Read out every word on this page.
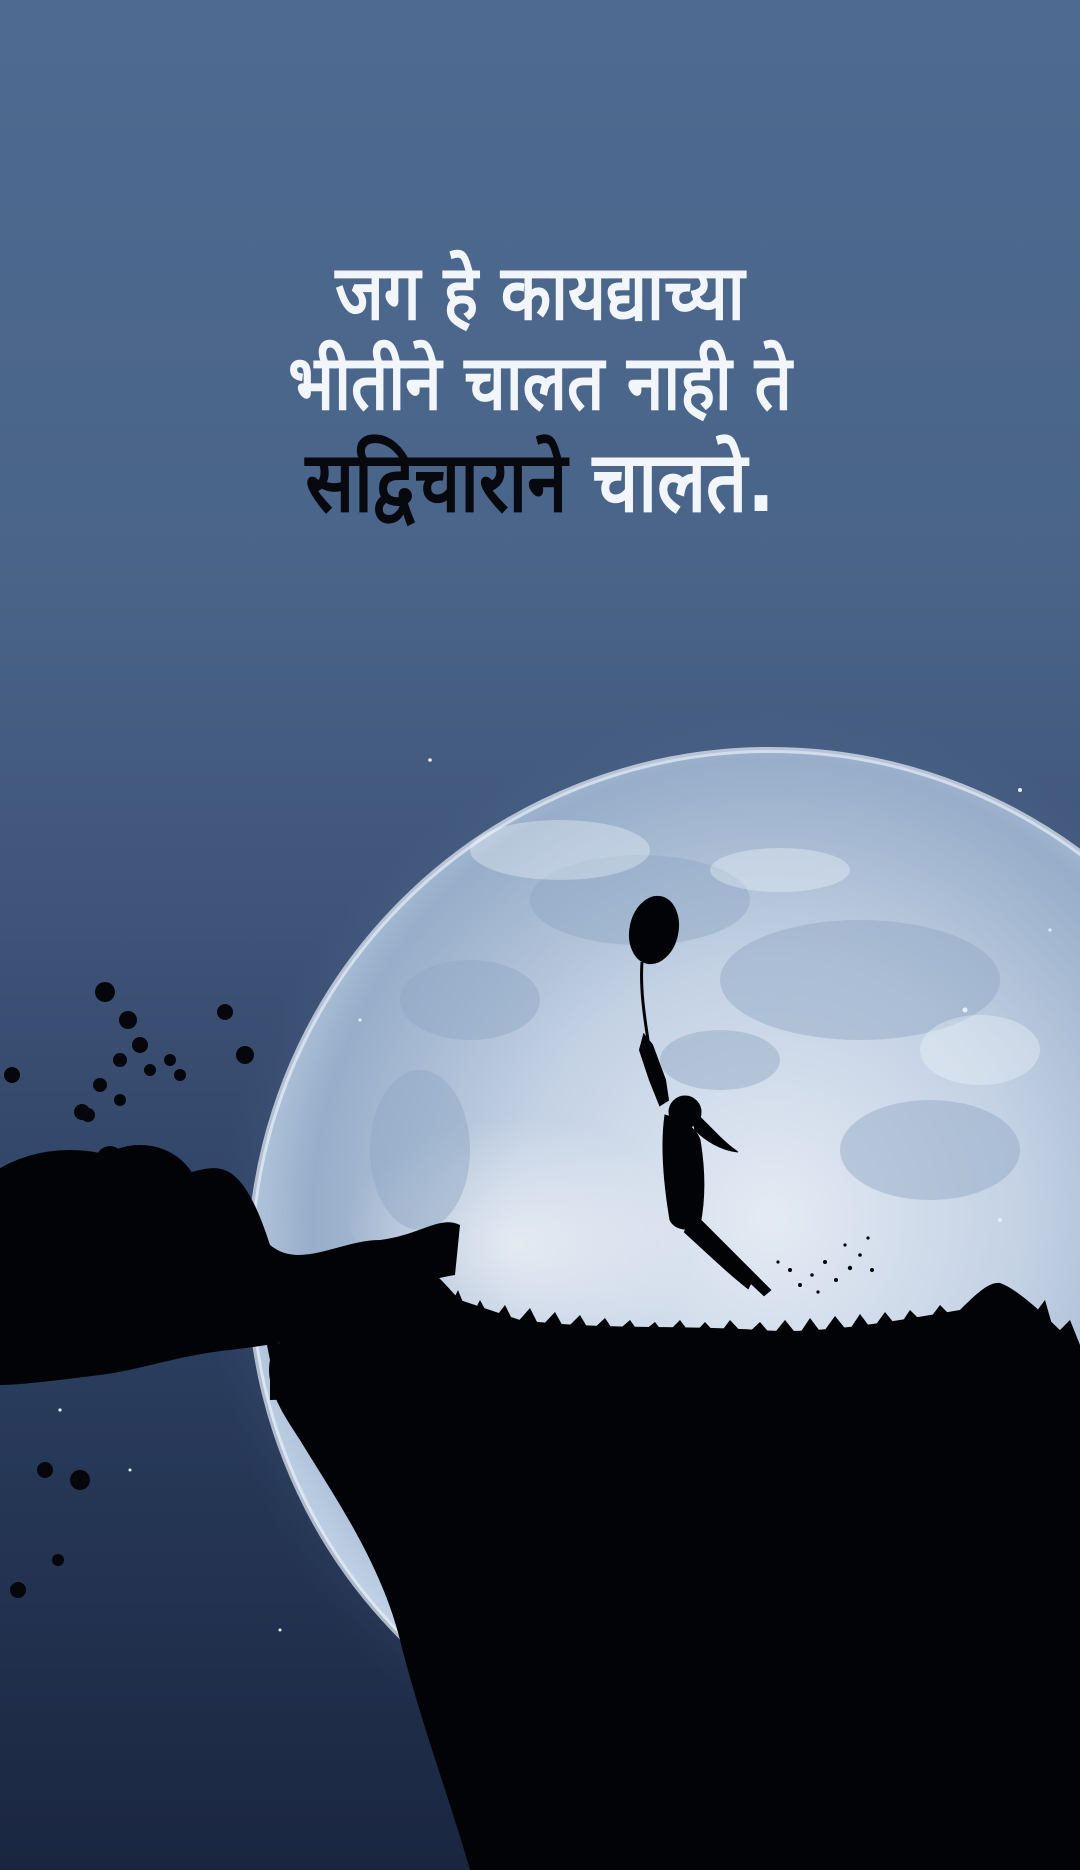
जग हे कायद्याच्या
भीतीने चालत नाही ते
सद्विचाराने चालते.
